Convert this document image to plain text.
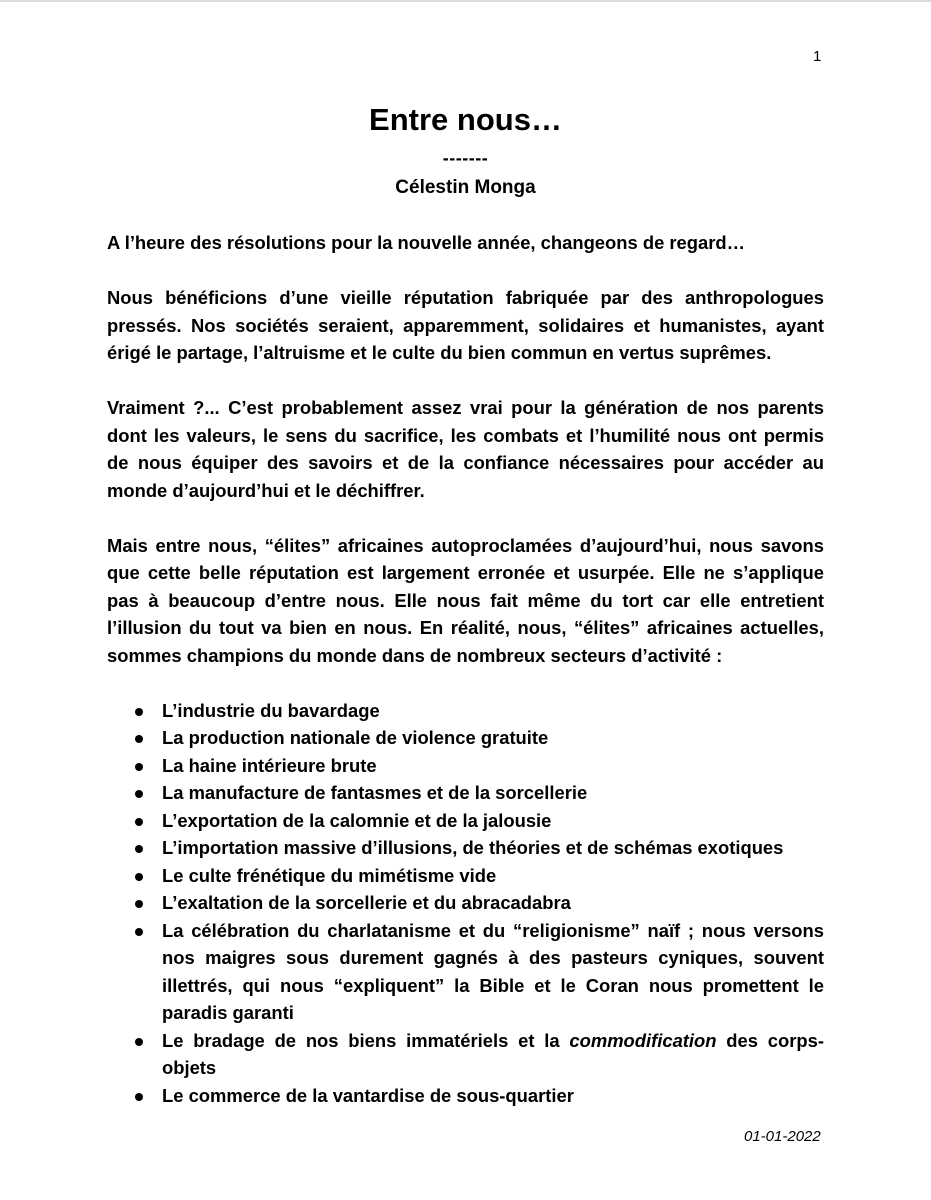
1
Entre nous…
-------
Célestin Monga

A l’heure des résolutions pour la nouvelle année, changeons de regard…

Nous bénéficions d’une vieille réputation fabriquée par des anthropologues pressés. Nos sociétés seraient, apparemment, solidaires et humanistes, ayant érigé le partage, l’altruisme et le culte du bien commun en vertus suprêmes.

Vraiment ?... C’est probablement assez vrai pour la génération de nos parents dont les valeurs, le sens du sacrifice, les combats et l’humilité nous ont permis de nous équiper des savoirs et de la confiance nécessaires pour accéder au monde d’aujourd’hui et le déchiffrer.

Mais entre nous, “élites” africaines autoproclamées d’aujourd’hui, nous savons que cette belle réputation est largement erronée et usurpée. Elle ne s’applique pas à beaucoup d’entre nous. Elle nous fait même du tort car elle entretient l’illusion du tout va bien en nous. En réalité, nous, “élites” africaines actuelles, sommes champions du monde dans de nombreux secteurs d’activité :

L’industrie du bavardage
La production nationale de violence gratuite
La haine intérieure brute
La manufacture de fantasmes et de la sorcellerie
L’exportation de la calomnie et de la jalousie
L’importation massive d’illusions, de théories et de schémas exotiques
Le culte frénétique du mimétisme vide
L’exaltation de la sorcellerie et du abracadabra
La célébration du charlatanisme et du “religionisme” naïf ; nous versons nos maigres sous durement gagnés à des pasteurs cyniques, souvent illettrés, qui nous “expliquent” la Bible et le Coran nous promettent le paradis garanti
Le bradage de nos biens immatériels et la commodification des corps-objets
Le commerce de la vantardise de sous-quartier
01-01-2022
